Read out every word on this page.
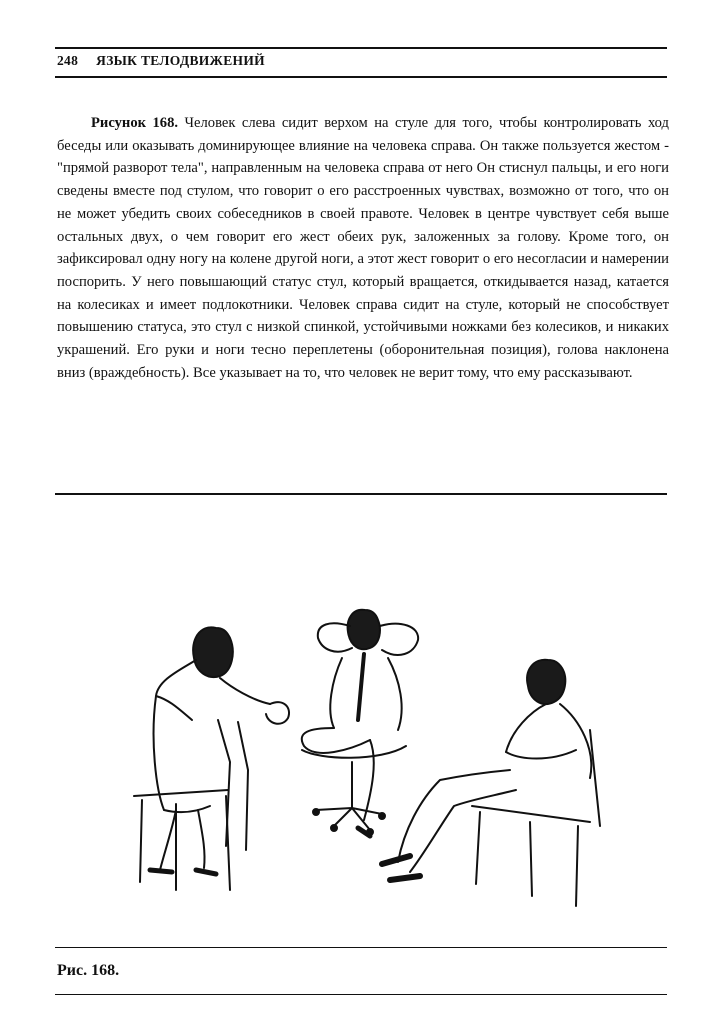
248 ЯЗЫК ТЕЛОДВИЖЕНИЙ
Рисунок 168. Человек слева сидит верхом на стуле для того, чтобы контролировать ход беседы или оказывать доминирующее влияние на человека справа. Он также пользуется жестом - "прямой разворот тела", направленным на человека справа от него Он стиснул пальцы, и его ноги сведены вместе под стулом, что говорит о его расстроенных чувствах, возможно от того, что он не может убедить своих собеседников в своей правоте. Человек в центре чувствует себя выше остальных двух, о чем говорит его жест обеих рук, заложенных за голову. Кроме того, он зафиксировал одну ногу на колене другой ноги, а этот жест говорит о его несогласии и намерении поспорить. У него повышающий статус стул, который вращается, откидывается назад, катается на колесиках и имеет подлокотники. Человек справа сидит на стуле, который не способствует повышению статуса, это стул с низкой спинкой, устойчивыми ножками без колесиков, и никаких украшений. Его руки и ноги тесно переплетены (оборонительная позиция), голова наклонена вниз (враждебность). Все указывает на то, что человек не верит тому, что ему рассказывают.
Рис. 168.
